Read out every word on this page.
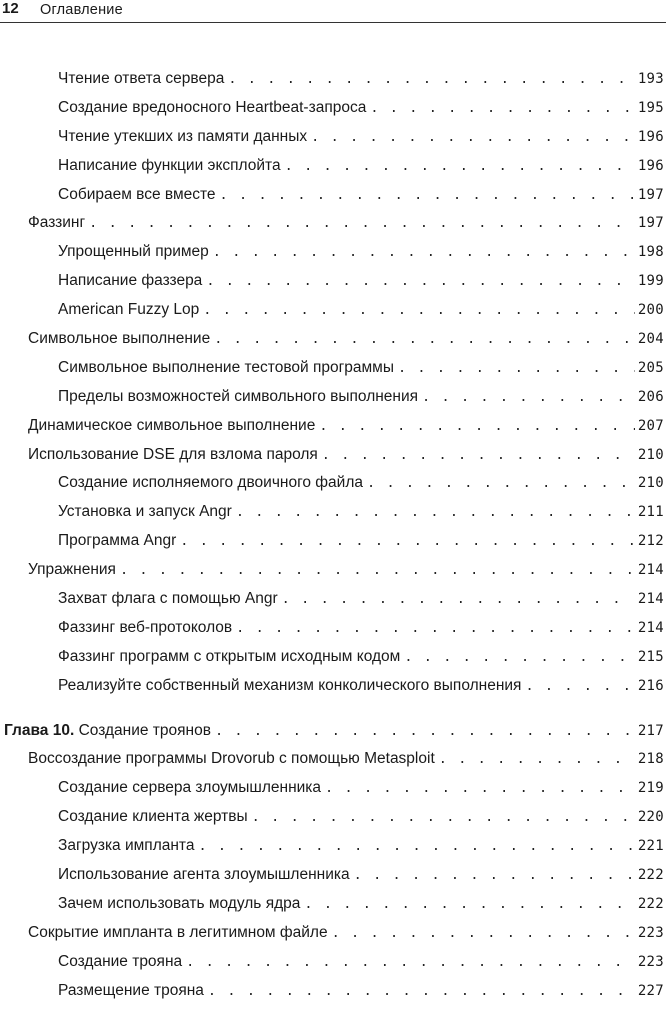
12 Оглавление
Чтение ответа сервера . . .	193
Создание вредоносного Heartbeat-запроса . . .	195
Чтение утекших из памяти данных . . .	196
Написание функции эксплойта . . .	196
Собираем все вместе . . .	197
Фаззинг . . .	197
Упрощенный пример . . .	198
Написание фаззера . . .	199
American Fuzzy Lop . . .	200
Символьное выполнение . . .	204
Символьное выполнение тестовой программы . . .	205
Пределы возможностей символьного выполнения . . .	206
Динамическое символьное выполнение . . .	207
Использование DSE для взлома пароля . . .	210
Создание исполняемого двоичного файла . . .	210
Установка и запуск Angr . . .	211
Программа Angr . . .	212
Упражнения . . .	214
Захват флага с помощью Angr . . .	214
Фаззинг веб-протоколов . . .	214
Фаззинг программ с открытым исходным кодом . . .	215
Реализуйте собственный механизм конколического выполнения . . .	216
Глава 10. Создание троянов . . .	217
Воссоздание программы Drovorub с помощью Metasploit . . .	218
Создание сервера злоумышленника . . .	219
Создание клиента жертвы . . .	220
Загрузка импланта . . .	221
Использование агента злоумышленника . . .	222
Зачем использовать модуль ядра . . .	222
Сокрытие импланта в легитимном файле . . .	223
Создание трояна . . .	223
Размещение трояна . . .	227
